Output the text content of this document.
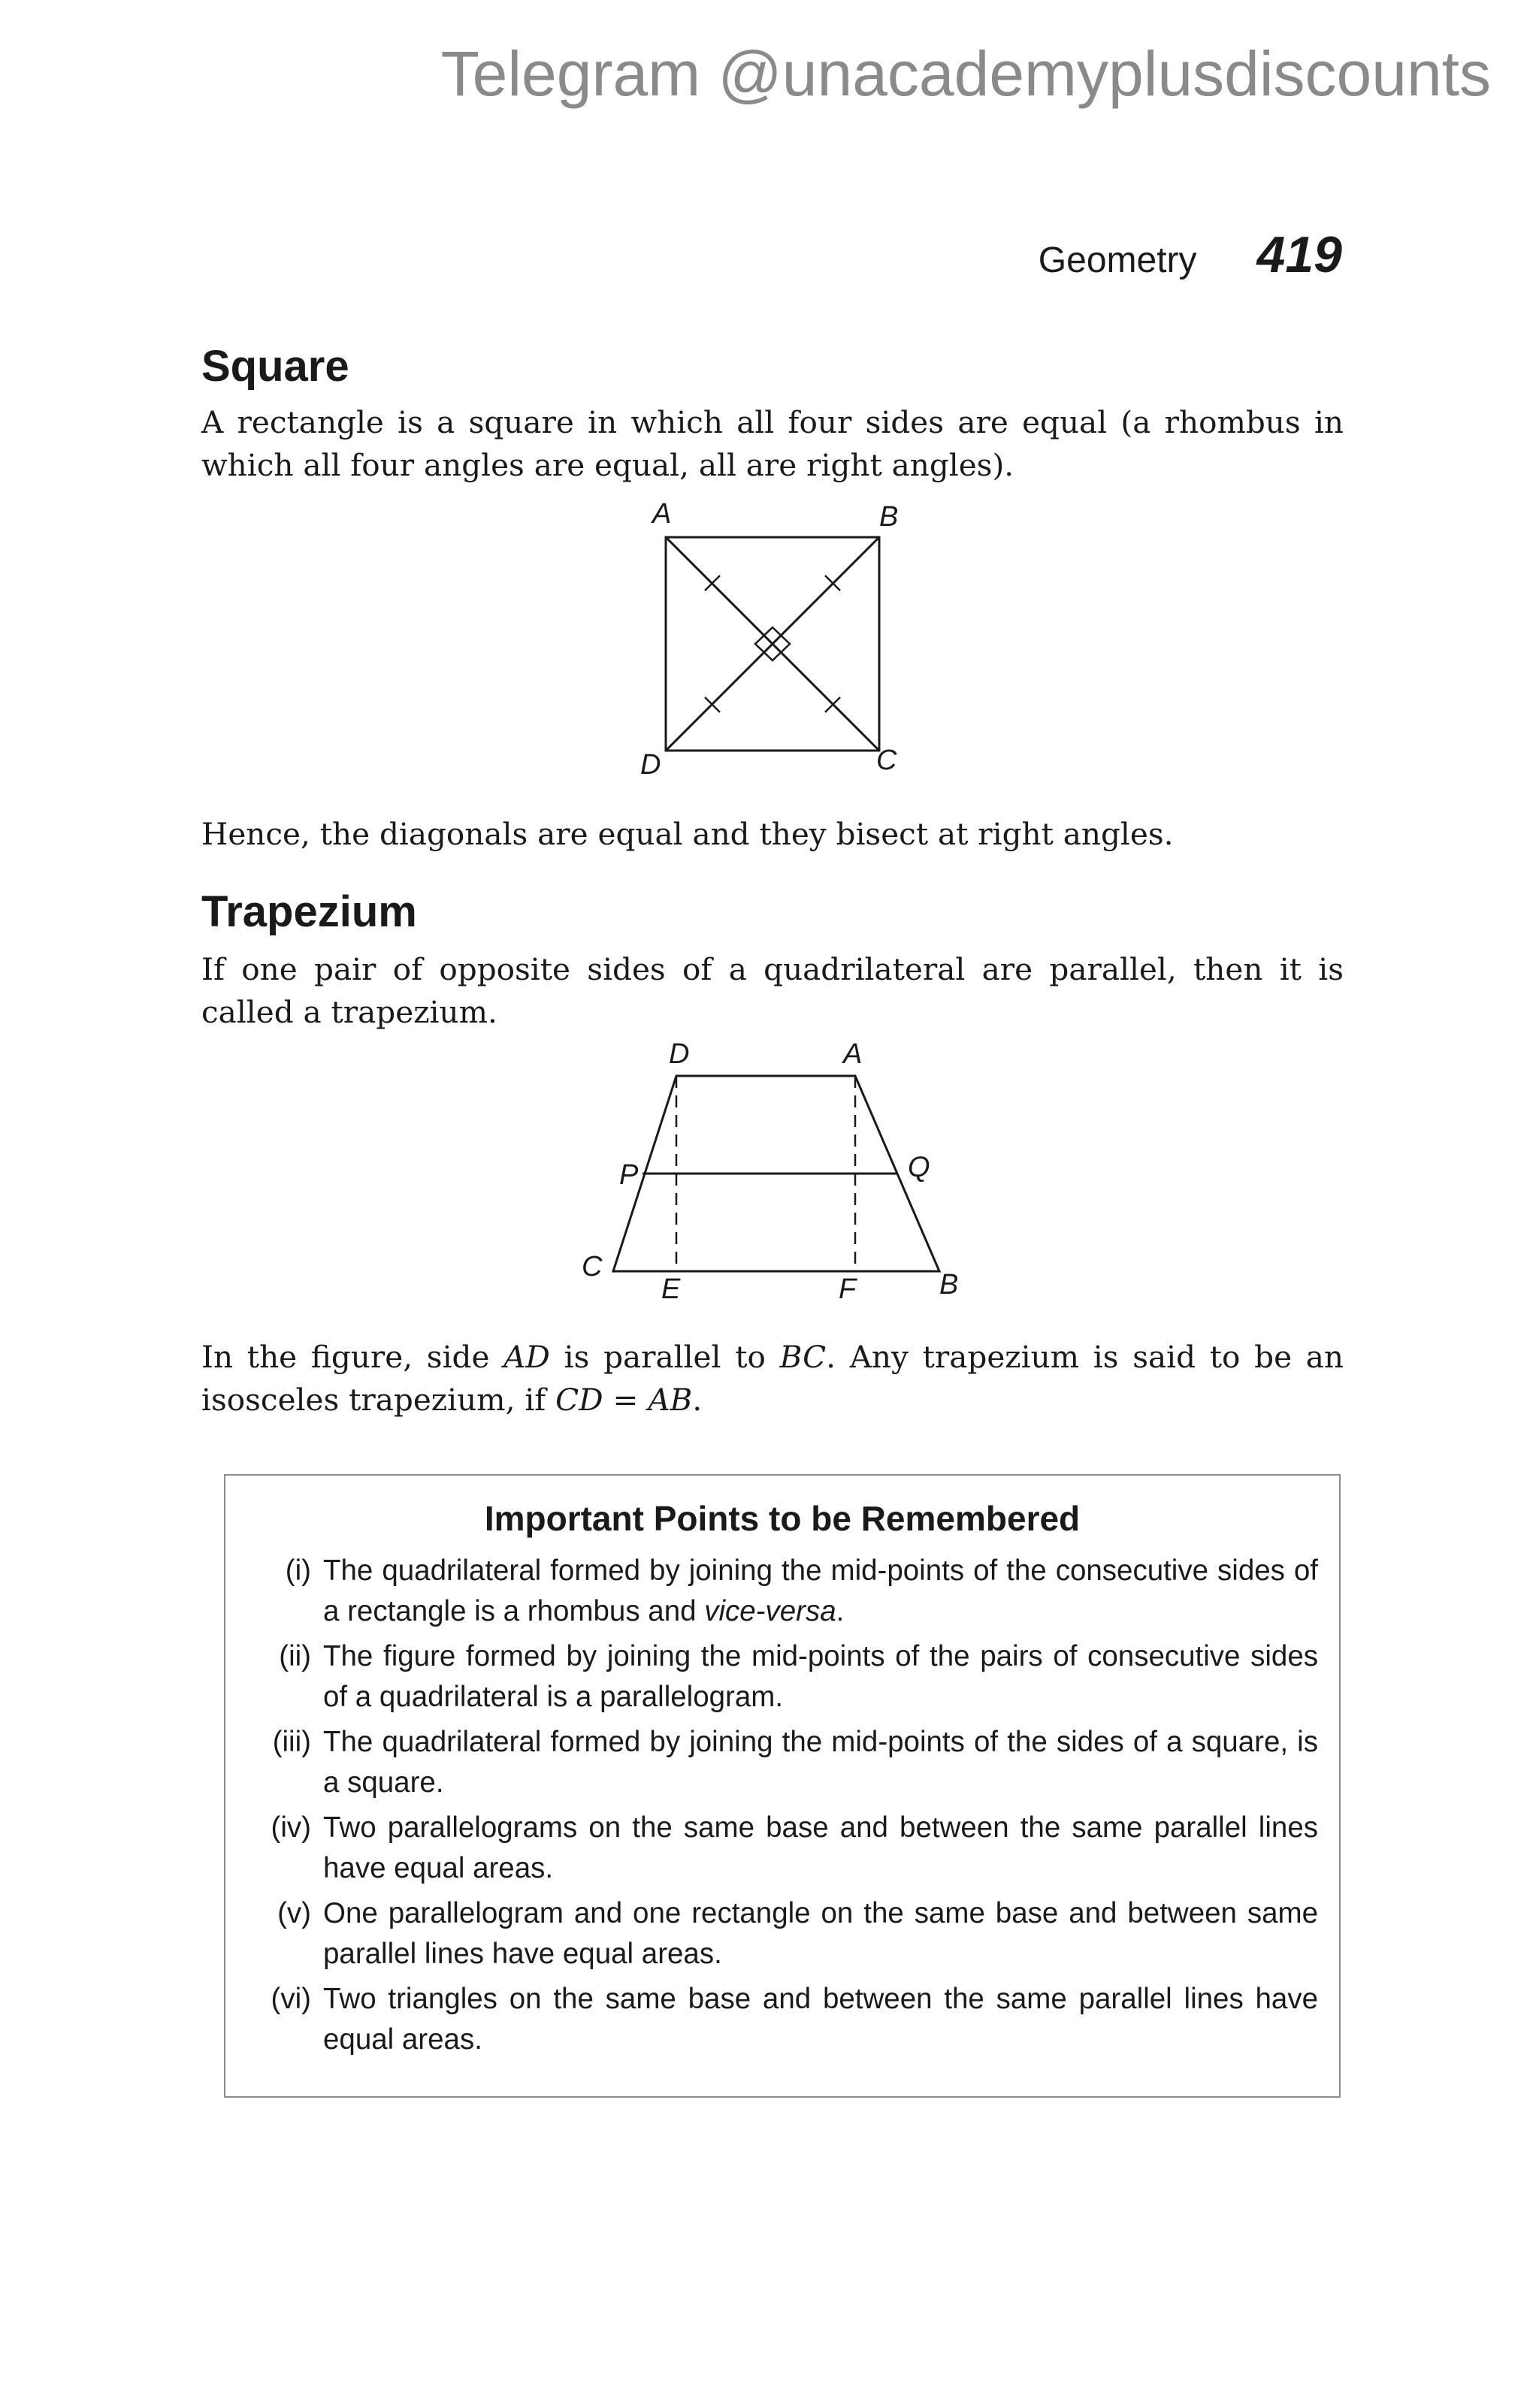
Telegram @unacademyplusdiscounts
Geometry 419
Square

A rectangle is a square in which all four sides are equal (a rhombus in which all four angles are equal, all are right angles).

A	B
C
D

Hence, the diagonals are equal and they bisect at right angles.

Trapezium

If one pair of opposite sides of a quadrilateral are parallel, then it is called a trapezium.

D	A
P	Q
C
E	F	B

In the figure, side AD is parallel to BC. Any trapezium is said to be an isosceles trapezium, if CD = AB.

Important Points to be Remembered
(i) The quadrilateral formed by joining the mid-points of the consecutive sides of a rectangle is a rhombus and vice-versa.
(ii) The figure formed by joining the mid-points of the pairs of consecutive sides of a quadrilateral is a parallelogram.
(iii) The quadrilateral formed by joining the mid-points of the sides of a square, is a square.
(iv) Two parallelograms on the same base and between the same parallel lines have equal areas.
(v) One parallelogram and one rectangle on the same base and between same parallel lines have equal areas.
(vi) Two triangles on the same base and between the same parallel lines have equal areas.
